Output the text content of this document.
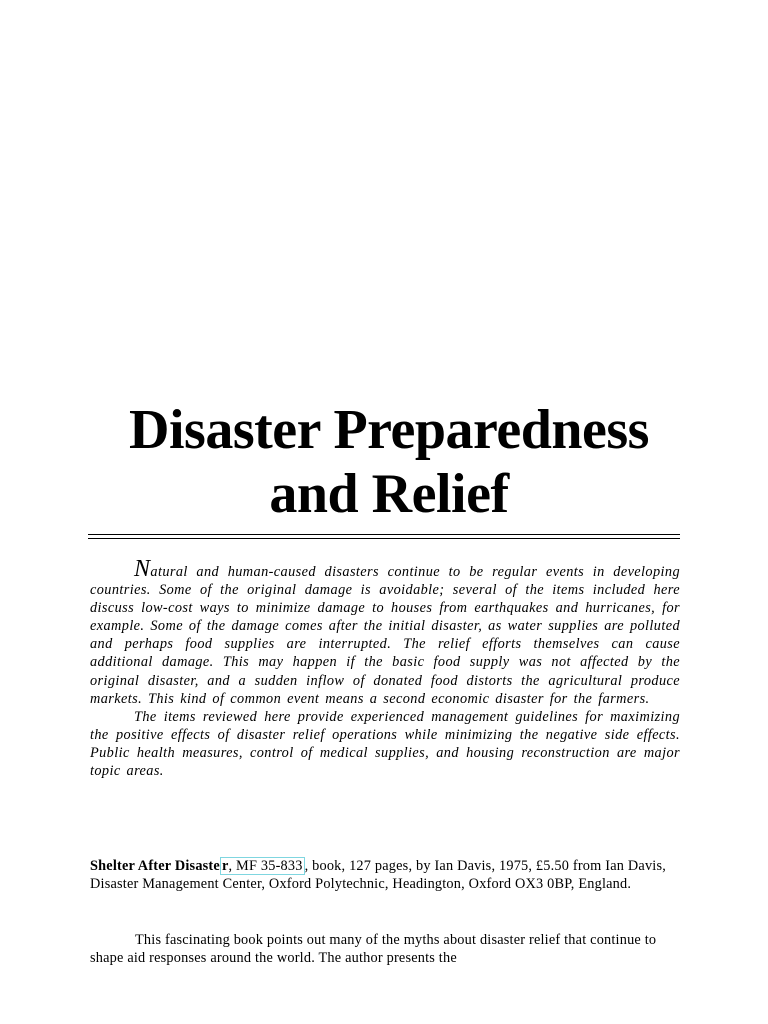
Disaster Preparedness
and Relief

Natural and human-caused disasters continue to be regular events in developing countries. Some of the original damage is avoidable; several of the items included here discuss low-cost ways to minimize damage to houses from earthquakes and hurricanes, for example. Some of the damage comes after the initial disaster, as water supplies are polluted and perhaps food supplies are interrupted. The relief efforts themselves can cause additional damage. This may happen if the basic food supply was not affected by the original disaster, and a sudden inflow of donated food distorts the agricultural produce markets. This kind of common event means a second economic disaster for the farmers.

The items reviewed here provide experienced management guidelines for maximizing the positive effects of disaster relief operations while minimizing the negative side effects. Public health measures, control of medical supplies, and housing reconstruction are major topic areas.

Shelter After Disaste r, MF 35-833 , book, 127 pages, by Ian Davis, 1975, £5.50 from Ian Davis, Disaster Management Center, Oxford Polytechnic, Headington, Oxford OX3 0BP, England.

This fascinating book points out many of the myths about disaster relief that continue to shape aid responses around the world. The author presents the
